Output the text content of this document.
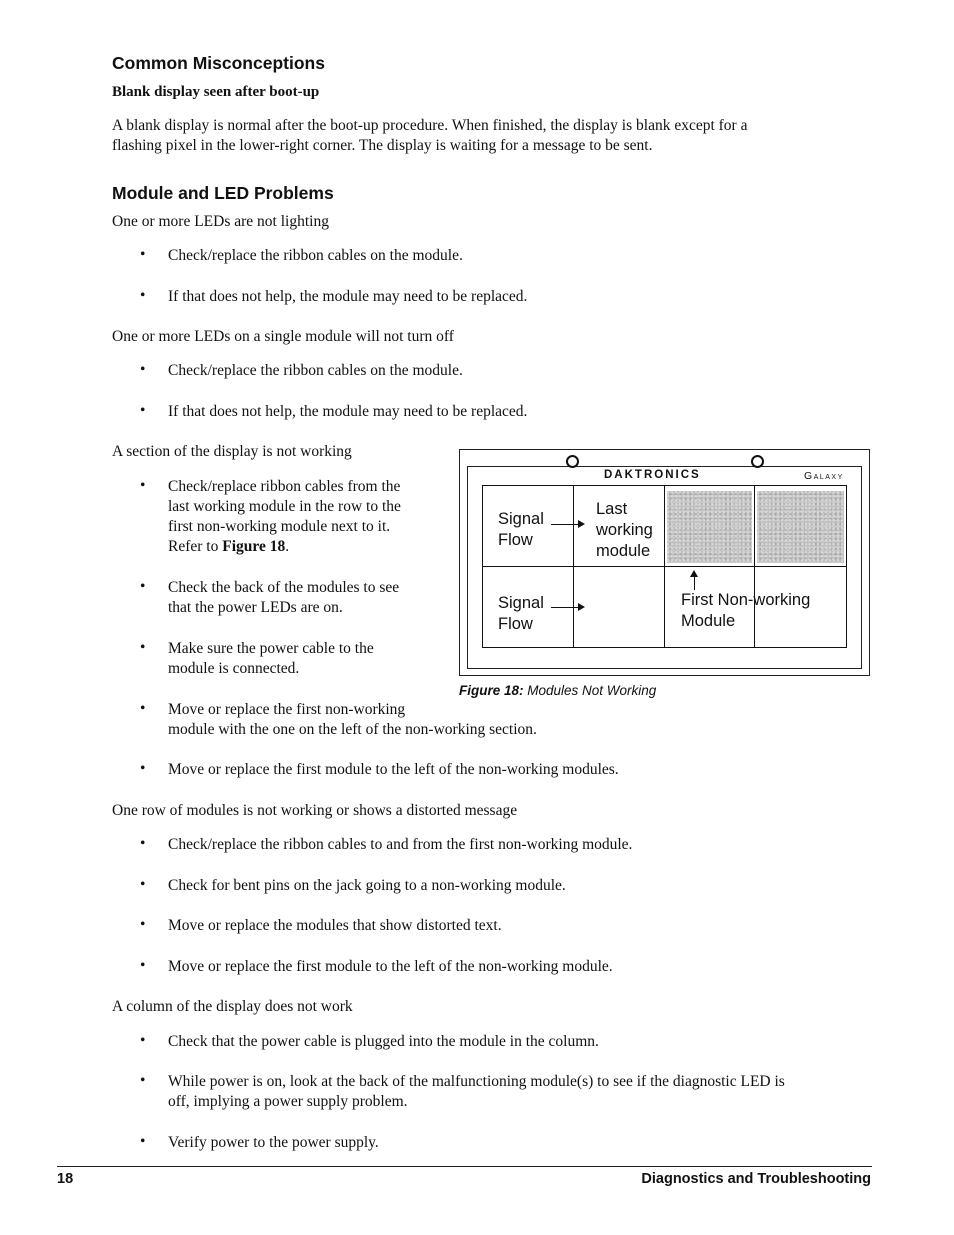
Common Misconceptions
Blank display seen after boot-up
A blank display is normal after the boot-up procedure. When finished, the display is blank except for a
flashing pixel in the lower-right corner. The display is waiting for a message to be sent.
Module and LED Problems
One or more LEDs are not lighting
• Check/replace the ribbon cables on the module.
• If that does not help, the module may need to be replaced.
One or more LEDs on a single module will not turn off
• Check/replace the ribbon cables on the module.
• If that does not help, the module may need to be replaced.
A section of the display is not working
• Check/replace ribbon cables from the
last working module in the row to the
first non-working module next to it.
Refer to Figure 18.
• Check the back of the modules to see
that the power LEDs are on.
• Make sure the power cable to the
module is connected.
• Move or replace the first non-working
module with the one on the left of the non-working section.
• Move or replace the first module to the left of the non-working modules.
One row of modules is not working or shows a distorted message
• Check/replace the ribbon cables to and from the first non-working module.
• Check for bent pins on the jack going to a non-working module.
• Move or replace the modules that show distorted text.
• Move or replace the first module to the left of the non-working module.
A column of the display does not work
• Check that the power cable is plugged into the module in the column.
• While power is on, look at the back of the malfunctioning module(s) to see if the diagnostic LED is
off, implying a power supply problem.
• Verify power to the power supply.
DAKTRONICS	Galaxy
Signal
Flow
Last
working
module
Signal
Flow
First Non-working
Module
Figure 18: Modules Not Working
18	Diagnostics and Troubleshooting
